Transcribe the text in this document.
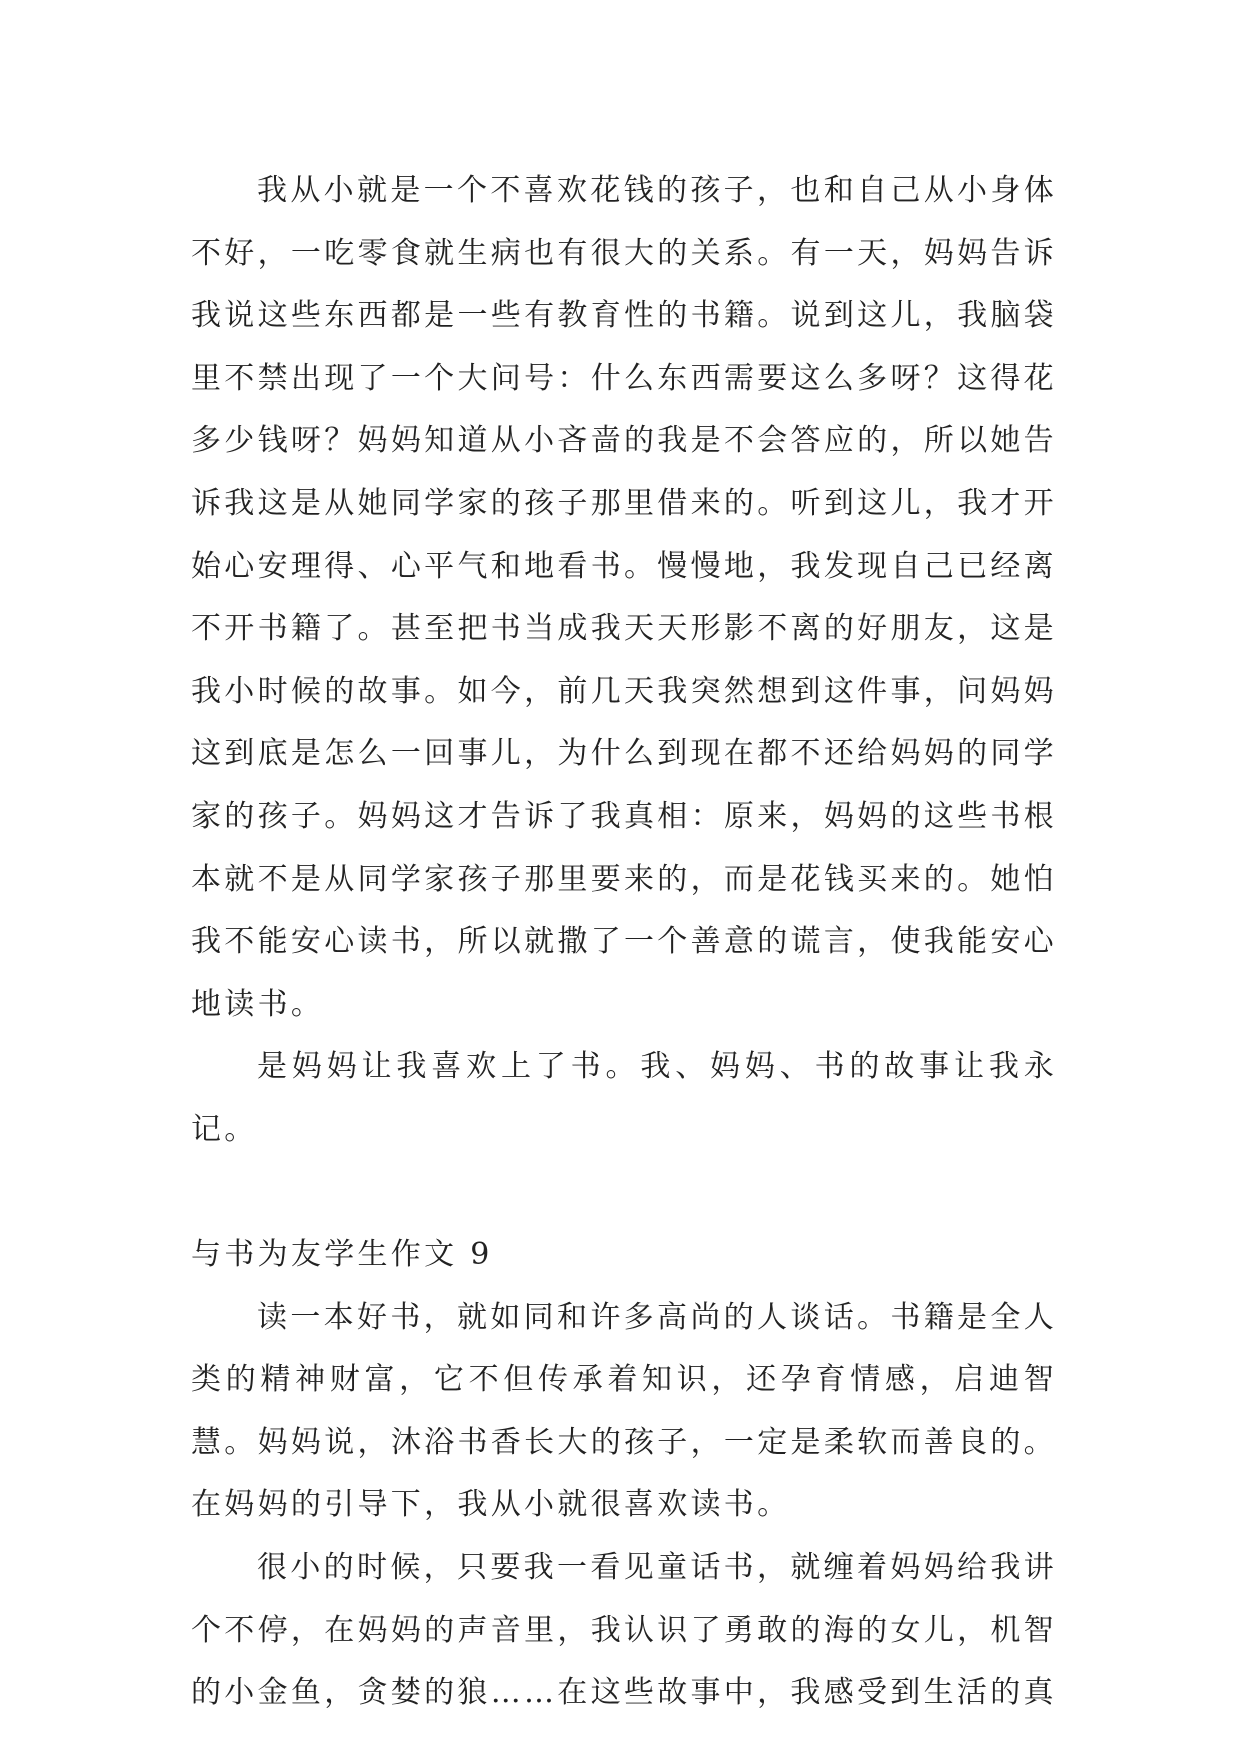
我从小就是一个不喜欢花钱的孩子，也和自己从小身体不好，一吃零食就生病也有很大的关系。有一天，妈妈告诉我说这些东西都是一些有教育性的书籍。说到这儿，我脑袋里不禁出现了一个大问号：什么东西需要这么多呀？这得花多少钱呀？妈妈知道从小吝啬的我是不会答应的，所以她告诉我这是从她同学家的孩子那里借来的。听到这儿，我才开始心安理得、心平气和地看书。慢慢地，我发现自己已经离不开书籍了。甚至把书当成我天天形影不离的好朋友，这是我小时候的故事。如今，前几天我突然想到这件事，问妈妈这到底是怎么一回事儿，为什么到现在都不还给妈妈的同学家的孩子。妈妈这才告诉了我真相：原来，妈妈的这些书根本就不是从同学家孩子那里要来的，而是花钱买来的。她怕我不能安心读书，所以就撒了一个善意的谎言，使我能安心地读书。

是妈妈让我喜欢上了书。我、妈妈、书的故事让我永记。

与书为友学生作文 9

读一本好书，就如同和许多高尚的人谈话。书籍是全人类的精神财富，它不但传承着知识，还孕育情感，启迪智慧。妈妈说，沐浴书香长大的孩子，一定是柔软而善良的。在妈妈的引导下，我从小就很喜欢读书。

很小的时候，只要我一看见童话书，就缠着妈妈给我讲个不停，在妈妈的声音里，我认识了勇敢的海的女儿，机智的小金鱼，贪婪的狼……在这些故事中，我感受到生活的真
